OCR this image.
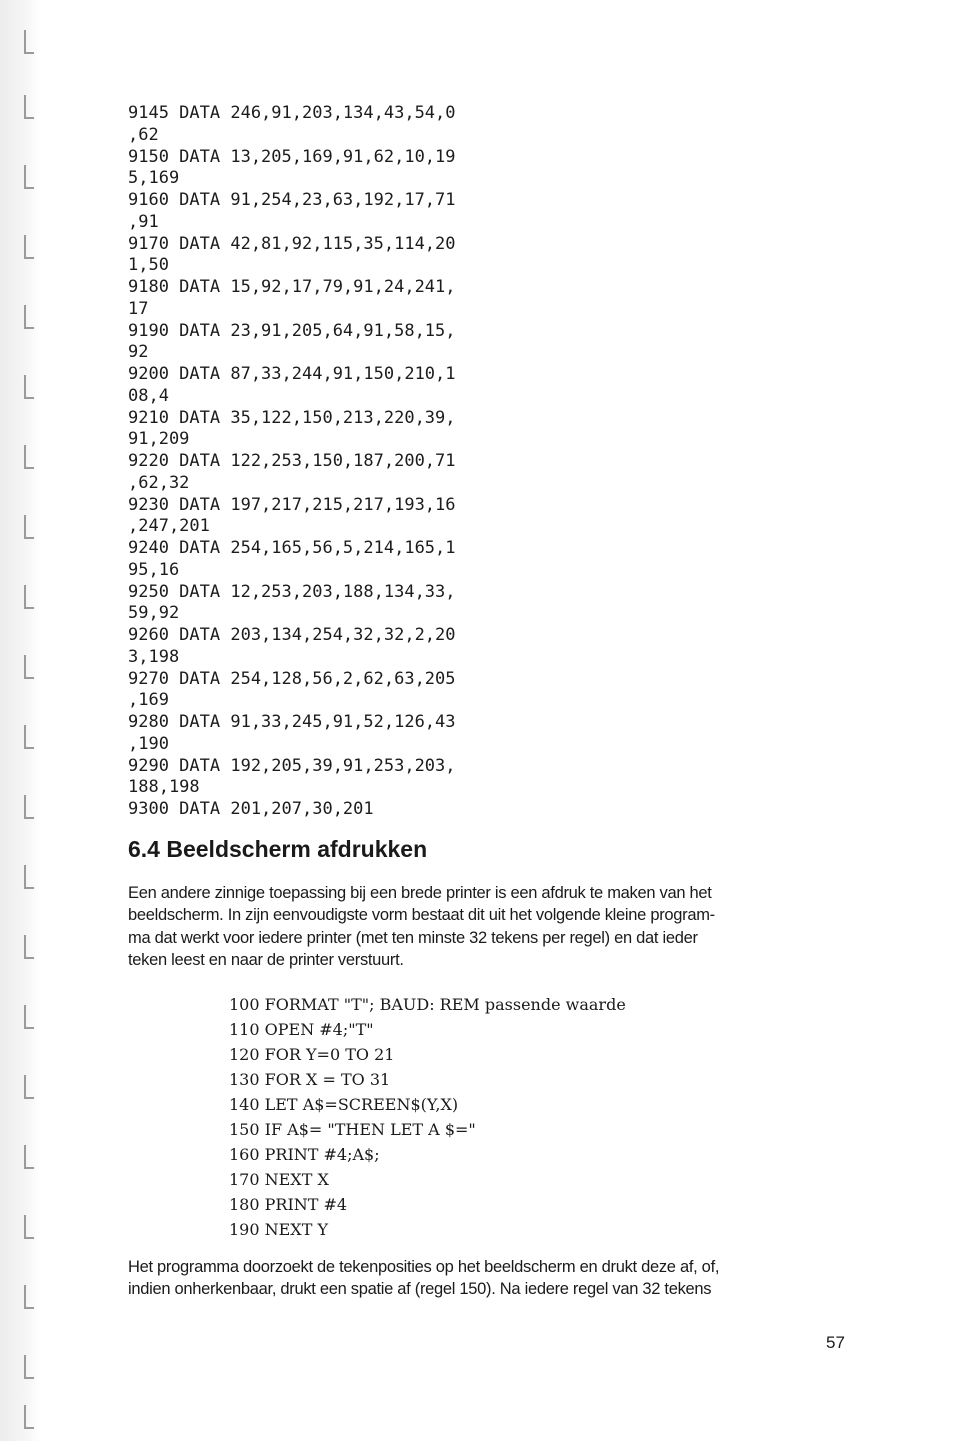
9145 DATA 246,91,203,134,43,54,0
,62
9150 DATA 13,205,169,91,62,10,19
5,169
9160 DATA 91,254,23,63,192,17,71
,91
9170 DATA 42,81,92,115,35,114,20
1,50
9180 DATA 15,92,17,79,91,24,241,
17
9190 DATA 23,91,205,64,91,58,15,
92
9200 DATA 87,33,244,91,150,210,1
08,4
9210 DATA 35,122,150,213,220,39,
91,209
9220 DATA 122,253,150,187,200,71
,62,32
9230 DATA 197,217,215,217,193,16
,247,201
9240 DATA 254,165,56,5,214,165,1
95,16
9250 DATA 12,253,203,188,134,33,
59,92
9260 DATA 203,134,254,32,32,2,20
3,198
9270 DATA 254,128,56,2,62,63,205
,169
9280 DATA 91,33,245,91,52,126,43
,190
9290 DATA 192,205,39,91,253,203,
188,198
9300 DATA 201,207,30,201
6.4 Beeldscherm afdrukken

Een andere zinnige toepassing bij een brede printer is een afdruk te maken van het
beeldscherm. In zijn eenvoudigste vorm bestaat dit uit het volgende kleine program-
ma dat werkt voor iedere printer (met ten minste 32 tekens per regel) en dat ieder
teken leest en naar de printer verstuurt.

100 FORMAT "T"; BAUD: REM passende waarde
110 OPEN #4;"T"
120 FOR Y=0 TO 21
130 FOR X = TO 31
140 LET A$=SCREEN$(Y,X)
150 IF A$= "THEN LET A $="
160 PRINT #4;A$;
170 NEXT X
180 PRINT #4
190 NEXT Y

Het programma doorzoekt de tekenposities op het beeldscherm en drukt deze af, of,
indien onherkenbaar, drukt een spatie af (regel 150). Na iedere regel van 32 tekens

57
